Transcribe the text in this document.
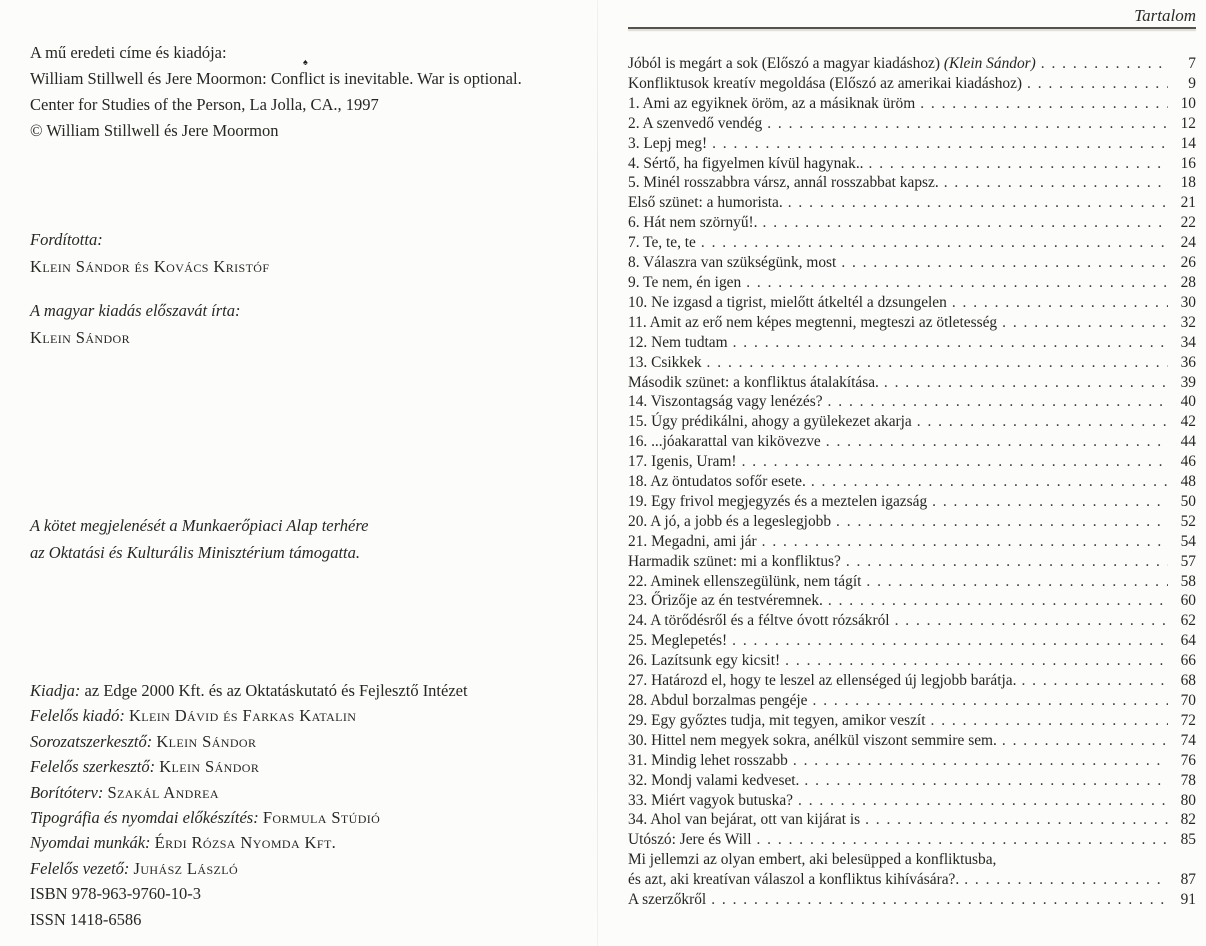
A mű eredeti címe és kiadója:
William Stillwell és Jere Moormon: Conflict is inevitable. War is optional.
Center for Studies of the Person, La Jolla, CA., 1997
© William Stillwell és Jere Moormon
♠
Fordította:
Klein Sándor és Kovács Kristóf
A magyar kiadás előszavát írta:
Klein Sándor
A kötet megjelenését a Munkaerőpiaci Alap terhére
az Oktatási és Kulturális Minisztérium támogatta.
Kiadja: az Edge 2000 Kft. és az Oktatáskutató és Fejlesztő Intézet
Felelős kiadó: Klein Dávid és Farkas Katalin
Sorozatszerkesztő: Klein Sándor
Felelős szerkesztő: Klein Sándor
Borítóterv: Szakál Andrea
Tipográfia és nyomdai előkészítés: Formula Stúdió
Nyomdai munkák: Érdi Rózsa Nyomda Kft.
Felelős vezető: Juhász László
ISBN 978-963-9760-10-3
ISSN 1418-6586
Tartalom
Jóból is megárt a sok (Előszó a magyar kiadáshoz) (Klein Sándor) . . .	7
Konfliktusok kreatív megoldása (Előszó az amerikai kiadáshoz) . . .	9
1. Ami az egyiknek öröm, az a másiknak üröm . . .	10
2. A szenvedő vendég . . .	12
3. Lepj meg! . . .	14
4. Sértő, ha figyelmen kívül hagynak.. . . .	16
5. Minél rosszabbra vársz, annál rosszabbat kapsz. . . .	18
Első szünet: a humorista. . . .	21
6. Hát nem szörnyű!. . . .	22
7. Te, te, te . . .	24
8. Válaszra van szükségünk, most . . .	26
9. Te nem, én igen . . .	28
10. Ne izgasd a tigrist, mielőtt átkeltél a dzsungelen . . .	30
11. Amit az erő nem képes megtenni, megteszi az ötletesség . . .	32
12. Nem tudtam . . .	34
13. Csikkek . . .	36
Második szünet: a konfliktus átalakítása. . . .	39
14. Viszontagság vagy lenézés? . . .	40
15. Úgy prédikálni, ahogy a gyülekezet akarja . . .	42
16. ...jóakarattal van kikövezve . . .	44
17. Igenis, Uram! . . .	46
18. Az öntudatos sofőr esete. . . .	48
19. Egy frivol megjegyzés és a meztelen igazság . . .	50
20. A jó, a jobb és a legeslegjobb . . .	52
21. Megadni, ami jár . . .	54
Harmadik szünet: mi a konfliktus? . . .	57
22. Aminek ellenszegülünk, nem tágít . . .	58
23. Őrizője az én testvéremnek. . . .	60
24. A törődésről és a féltve óvott rózsákról . . .	62
25. Meglepetés! . . .	64
26. Lazítsunk egy kicsit! . . .	66
27. Határozd el, hogy te leszel az ellenséged új legjobb barátja. . . .	68
28. Abdul borzalmas pengéje . . .	70
29. Egy győztes tudja, mit tegyen, amikor veszít . . .	72
30. Hittel nem megyek sokra, anélkül viszont semmire sem. . . .	74
31. Mindig lehet rosszabb . . .	76
32. Mondj valami kedveset. . . .	78
33. Miért vagyok butuska? . . .	80
34. Ahol van bejárat, ott van kijárat is . . .	82
Utószó: Jere és Will . . .	85
Mi jellemzi az olyan embert, aki belesüpped a konfliktusba,
és azt, aki kreatívan válaszol a konfliktus kihívására?. . . .	87
A szerzőkről . . .	91
